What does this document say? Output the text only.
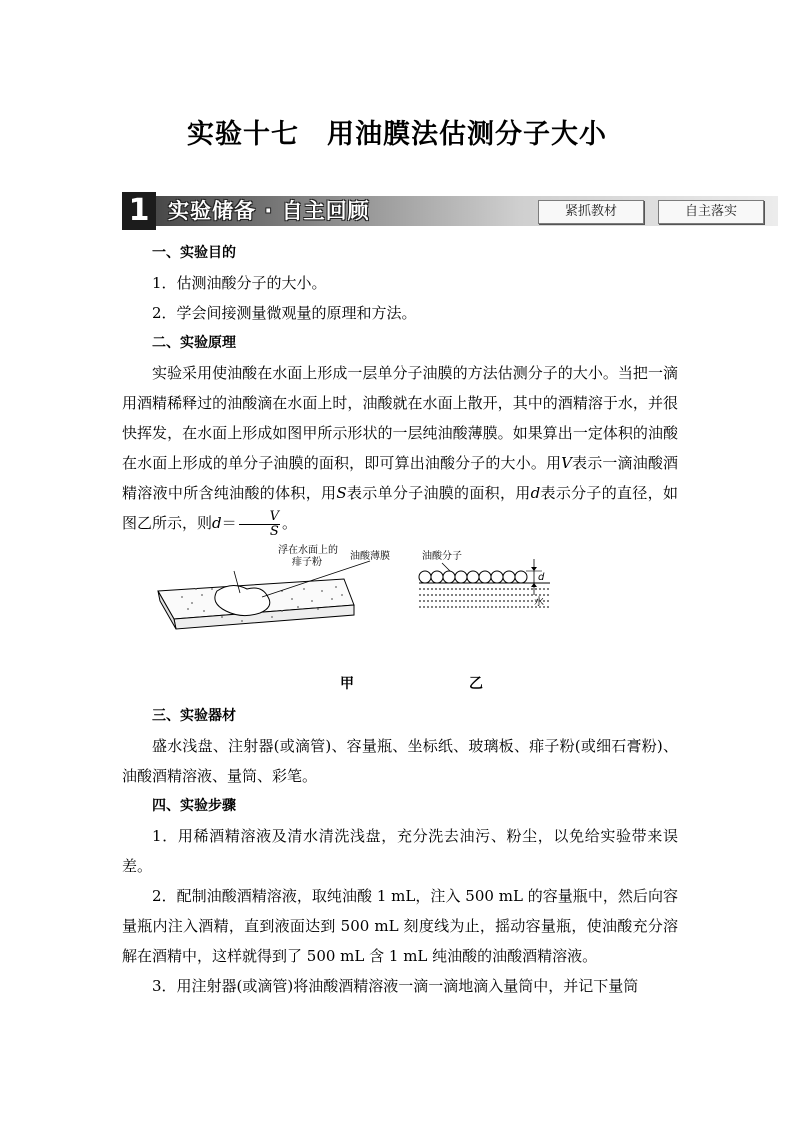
实验十七　用油膜法估测分子大小
1 实验储备 · 自主回顾	紧抓教材	自主落实

一、实验目的

1．估测油酸分子的大小。

2．学会间接测量微观量的原理和方法。

二、实验原理

实验采用使油酸在水面上形成一层单分子油膜的方法估测分子的大小。当把一滴用酒精稀释过的油酸滴在水面上时，油酸就在水面上散开，其中的酒精溶于水，并很快挥发，在水面上形成如图甲所示形状的一层纯油酸薄膜。如果算出一定体积的油酸在水面上形成的单分子油膜的面积，即可算出油酸分子的大小。用V表示一滴油酸酒精溶液中所含纯油酸的体积，用S表示单分子油膜的面积，用d表示分子的直径，如图乙所示，则$d= \frac{V}{S}$ 。

浮在水面上的
痱子粉
油酸薄膜	油酸分子
d
水
甲	乙

三、实验器材

盛水浅盘、注射器(或滴管)、容量瓶、坐标纸、玻璃板、痱子粉(或细石膏粉)、油酸酒精溶液、量筒、彩笔。

四、实验步骤

1．用稀酒精溶液及清水清洗浅盘，充分洗去油污、粉尘，以免给实验带来误差。

2．配制油酸酒精溶液，取纯油酸 1 mL，注入 500 mL 的容量瓶中，然后向容量瓶内注入酒精，直到液面达到 500 mL 刻度线为止，摇动容量瓶，使油酸充分溶解在酒精中，这样就得到了 500 mL 含 1 mL 纯油酸的油酸酒精溶液。

3．用注射器(或滴管)将油酸酒精溶液一滴一滴地滴入量筒中，并记下量筒
